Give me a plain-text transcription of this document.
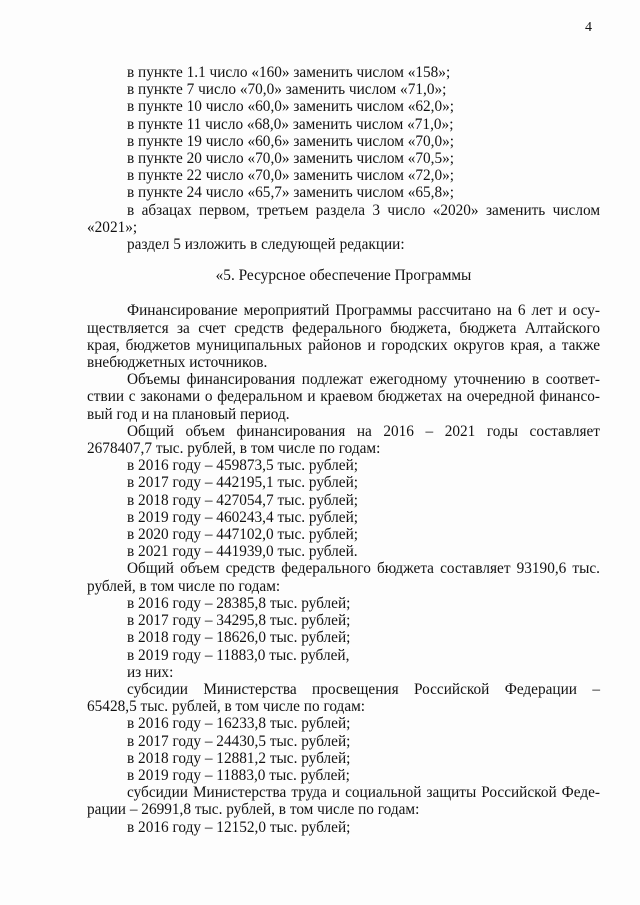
4
в пункте 1.1 число «160» заменить числом «158»;
в пункте 7 число «70,0» заменить числом «71,0»;
в пункте 10 число «60,0» заменить числом «62,0»;
в пункте 11 число «68,0» заменить числом «71,0»;
в пункте 19 число «60,6» заменить числом «70,0»;
в пункте 20 число «70,0» заменить числом «70,5»;
в пункте 22 число «70,0» заменить числом «72,0»;
в пункте 24 число «65,7» заменить числом «65,8»;
в абзацах первом, третьем раздела 3 число «2020» заменить числом
«2021»;
раздел 5 изложить в следующей редакции:
«5. Ресурсное обеспечение Программы
Финансирование мероприятий Программы рассчитано на 6 лет и осу-
ществляется за счет средств федерального бюджета, бюджета Алтайского
края, бюджетов муниципальных районов и городских округов края, а также
внебюджетных источников.
Объемы финансирования подлежат ежегодному уточнению в соответ-
ствии с законами о федеральном и краевом бюджетах на очередной финансо-
вый год и на плановый период.
Общий объем финансирования на 2016 – 2021 годы составляет
2678407,7 тыс. рублей, в том числе по годам:
в 2016 году – 459873,5 тыс. рублей;
в 2017 году – 442195,1 тыс. рублей;
в 2018 году – 427054,7 тыс. рублей;
в 2019 году – 460243,4 тыс. рублей;
в 2020 году – 447102,0 тыс. рублей;
в 2021 году – 441939,0 тыс. рублей.
Общий объем средств федерального бюджета составляет 93190,6 тыс.
рублей, в том числе по годам:
в 2016 году – 28385,8 тыс. рублей;
в 2017 году – 34295,8 тыс. рублей;
в 2018 году – 18626,0 тыс. рублей;
в 2019 году – 11883,0 тыс. рублей,
из них:
субсидии Министерства просвещения Российской Федерации –
65428,5 тыс. рублей, в том числе по годам:
в 2016 году – 16233,8 тыс. рублей;
в 2017 году – 24430,5 тыс. рублей;
в 2018 году – 12881,2 тыс. рублей;
в 2019 году – 11883,0 тыс. рублей;
субсидии Министерства труда и социальной защиты Российской Феде-
рации – 26991,8 тыс. рублей, в том числе по годам:
в 2016 году – 12152,0 тыс. рублей;
